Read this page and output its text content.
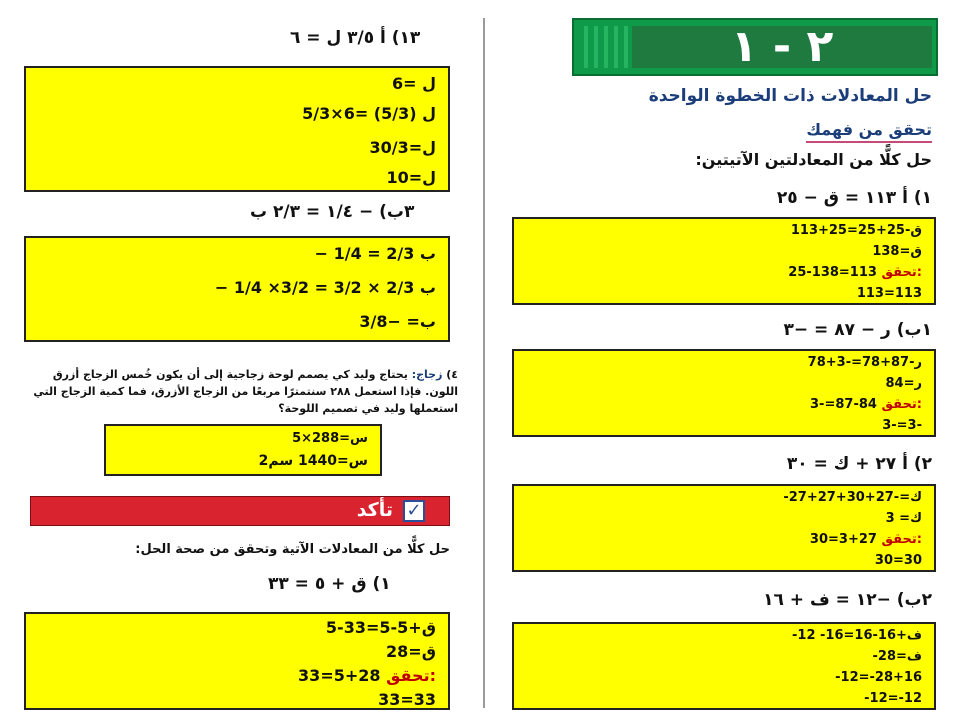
٢ - ١
حل المعادلات ذات الخطوة الواحدة
تحقق من فهمك
حل كلًّا من المعادلتين الآتيتين:
١) أ ١١٣ = ق − ٢٥
113+25=ق-25+25
138=ق
25-138=113 تحقق:
113=113
١ب) ر − ٨٧ = −٣
ر-87+78=-3+78
ر=84
3-=87-84 تحقق:
3-=3-
٢) أ ٢٧ + ك = ٣٠
-27+27+ك=-27+30
ك= 3
30=3+27 تحقق:
30=30
٢ب) −١٢ = ف + ١٦
-12 -16=ف+16-16
-28=ف
-12=-28+16
-12=-12
١٣) أ ٣/٥ ل = ٦
ل =6
ل (5/3) =6×5/3
ل=30/3
ل=10
٣ب) − ١/٤ = ٢/٣ ب
− 1/4 = 2/3 ب
− 1/4 ×3/2 = 3/2 × 2/3 ب
ب= −3/8
٤) زجاج: يحتاج وليد كي يصمم لوحة زجاجية إلى أن يكون خُمس الزجاج أزرق اللون. فإذا استعمل ٢٨٨ سنتمترًا مربعًا من الزجاج الأزرق، فما كمية الزجاج التي استعملها وليد في تصميم اللوحة؟
س=288×5
س=1440 سم2
✓
تأكد
حل كلًّا من المعادلات الآتية وتحقق من صحة الحل:
١) ق + ٥ = ٣٣
ق+5-5=33-5
ق=28
33=5+28 تحقق:
33=33
